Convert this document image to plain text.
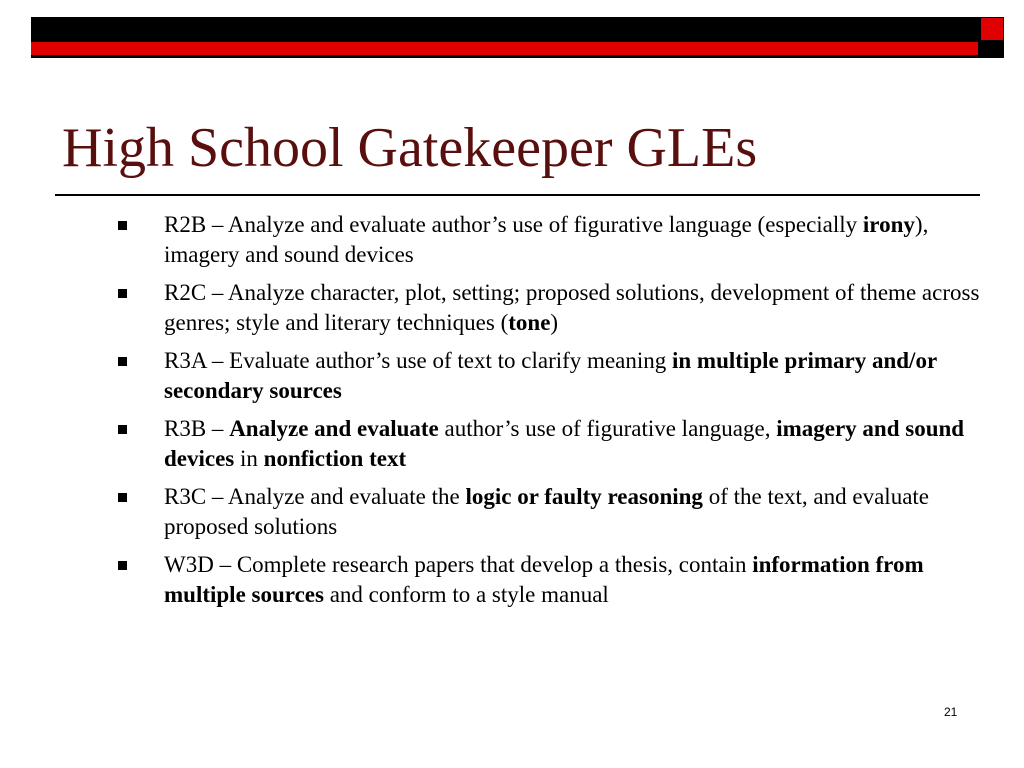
High School Gatekeeper GLEs
R2B – Analyze and evaluate author’s use of figurative language (especially irony), imagery and sound devices
R2C – Analyze character, plot, setting; proposed solutions, development of theme across genres; style and literary techniques (tone)
R3A – Evaluate author’s use of text to clarify meaning in multiple primary and/or secondary sources
R3B – Analyze and evaluate author’s use of figurative language, imagery and sound devices in nonfiction text
R3C – Analyze and evaluate the logic or faulty reasoning of the text, and evaluate proposed solutions
W3D – Complete research papers that develop a thesis, contain information from multiple sources and conform to a style manual
21
